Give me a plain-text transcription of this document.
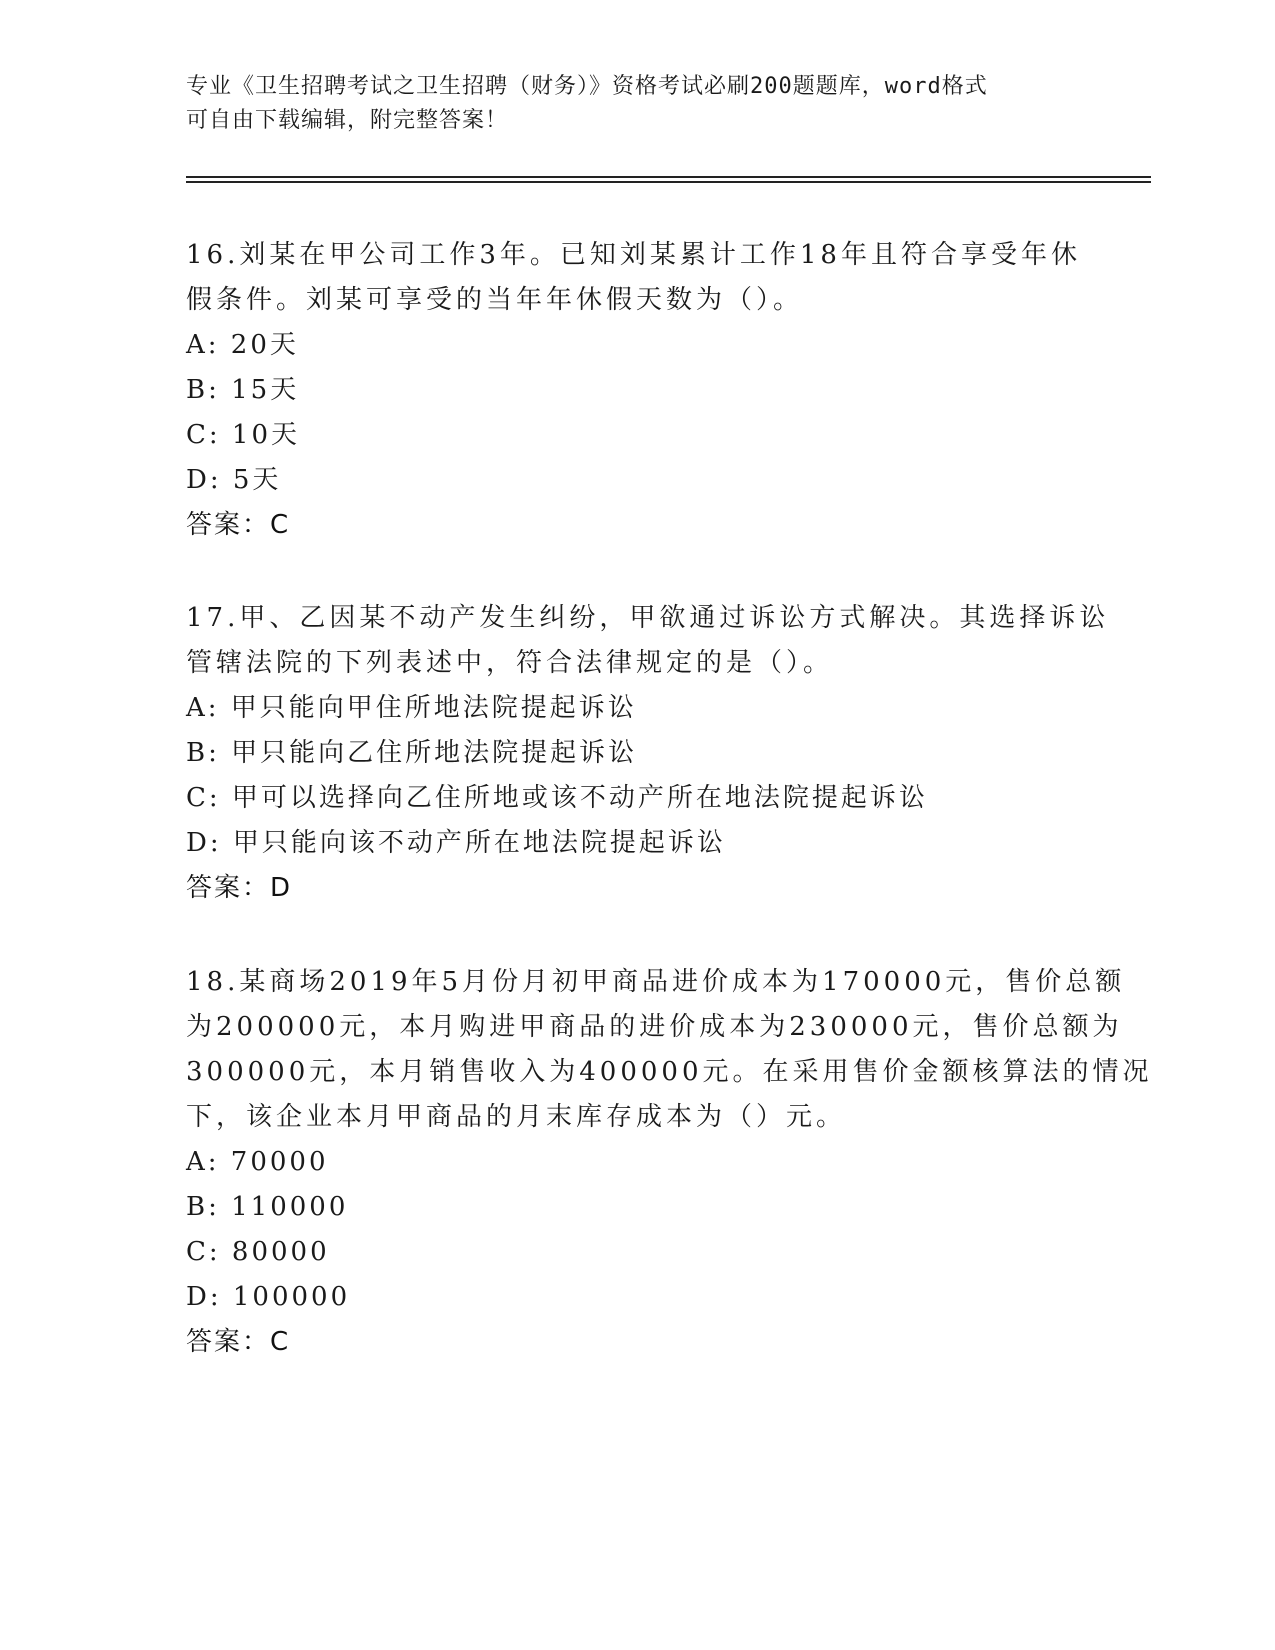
专业《卫生招聘考试之卫生招聘（财务）》资格考试必刷200题题库，word格式
可自由下载编辑，附完整答案！
16.刘某在甲公司工作3年。已知刘某累计工作18年且符合享受年休
假条件。刘某可享受的当年年休假天数为（）。
A: 20天
B: 15天
C: 10天
D: 5天
答案：C
17.甲、乙因某不动产发生纠纷，甲欲通过诉讼方式解决。其选择诉讼
管辖法院的下列表述中，符合法律规定的是（）。
A: 甲只能向甲住所地法院提起诉讼
B: 甲只能向乙住所地法院提起诉讼
C: 甲可以选择向乙住所地或该不动产所在地法院提起诉讼
D: 甲只能向该不动产所在地法院提起诉讼
答案：D
18.某商场2019年5月份月初甲商品进价成本为170000元，售价总额
为200000元，本月购进甲商品的进价成本为230000元，售价总额为
300000元，本月销售收入为400000元。在采用售价金额核算法的情况
下，该企业本月甲商品的月末库存成本为（）元。
A: 70000
B: 110000
C: 80000
D: 100000
答案：C
